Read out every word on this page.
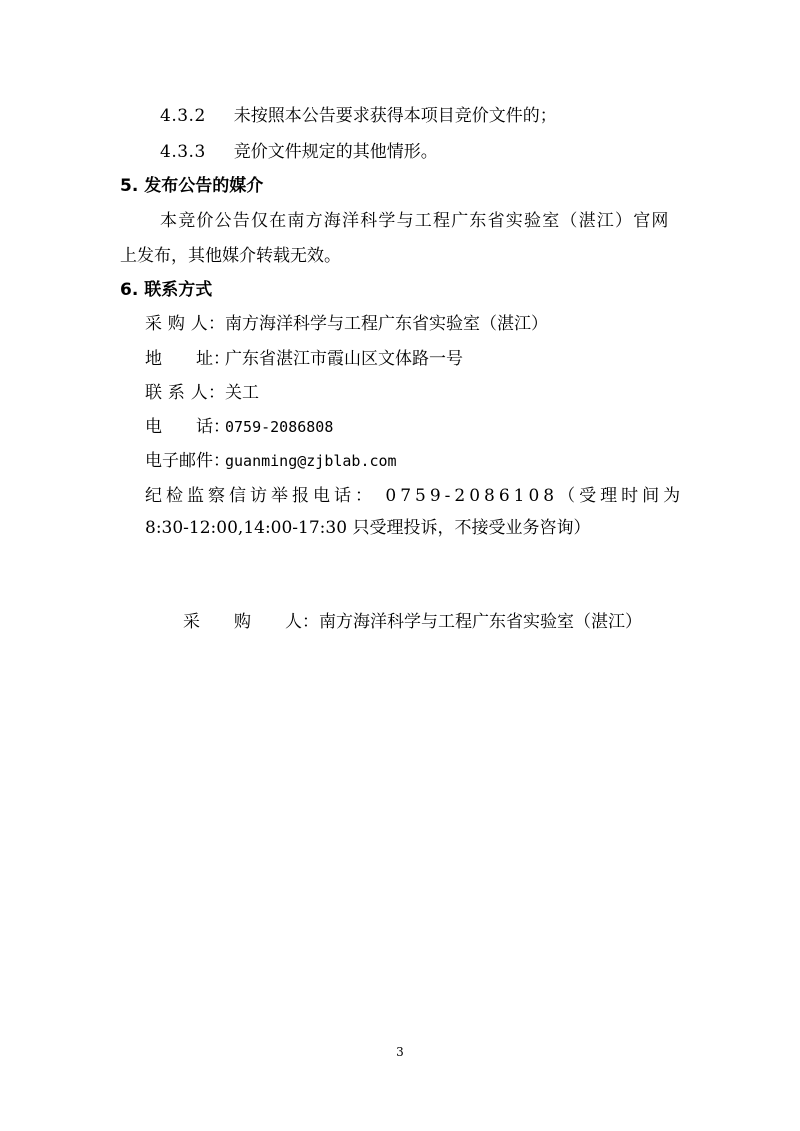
4.3.2 未按照本公告要求获得本项目竞价文件的；
4.3.3 竞价文件规定的其他情形。
5. 发布公告的媒介
本竞价公告仅在南方海洋科学与工程广东省实验室（湛江）官网
上发布，其他媒介转载无效。
6. 联系方式
采 购 人：南方海洋科学与工程广东省实验室（湛江）
地　　址：广东省湛江市霞山区文体路一号
联 系 人：关工
电　　话：0759-2086808
电子邮件：guanming@zjblab.com
纪检监察信访举报电话： 0759-2086108（受理时间为
8:30-12:00,14:00-17:30 只受理投诉，不接受业务咨询）
采　　购　　人：南方海洋科学与工程广东省实验室（湛江）
3
